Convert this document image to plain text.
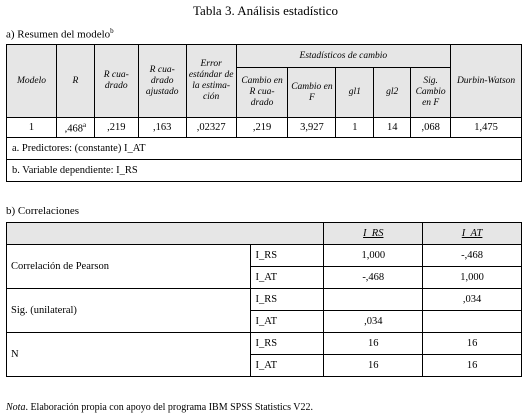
Tabla 3. Análisis estadístico
a) Resumen del modelo$^b$
Modelo	R	R cua-drado	R cua-drado ajustado	Error estándar de la estima-ción	Estadísticos de cambio					Durbin-Watson
					Cambio en R cua-drado	Cambio en F	gl1	gl2	Sig. Cambio en F	
1	,468$^a$	,219	,163	,02327	,219	3,927	1	14	,068	1,475
a. Predictores: (constante) I_AT										
b. Variable dependiente: I_RS										
b) Correlaciones
		I_RS	I_AT
Correlación de Pearson	I_RS	1,000	-,468
	I_AT	-,468	1,000
Sig. (unilateral)	I_RS		,034
	I_AT	,034	
N	I_RS	16	16
	I_AT	16	16
Nota. Elaboración propia con apoyo del programa IBM SPSS Statistics V22.
